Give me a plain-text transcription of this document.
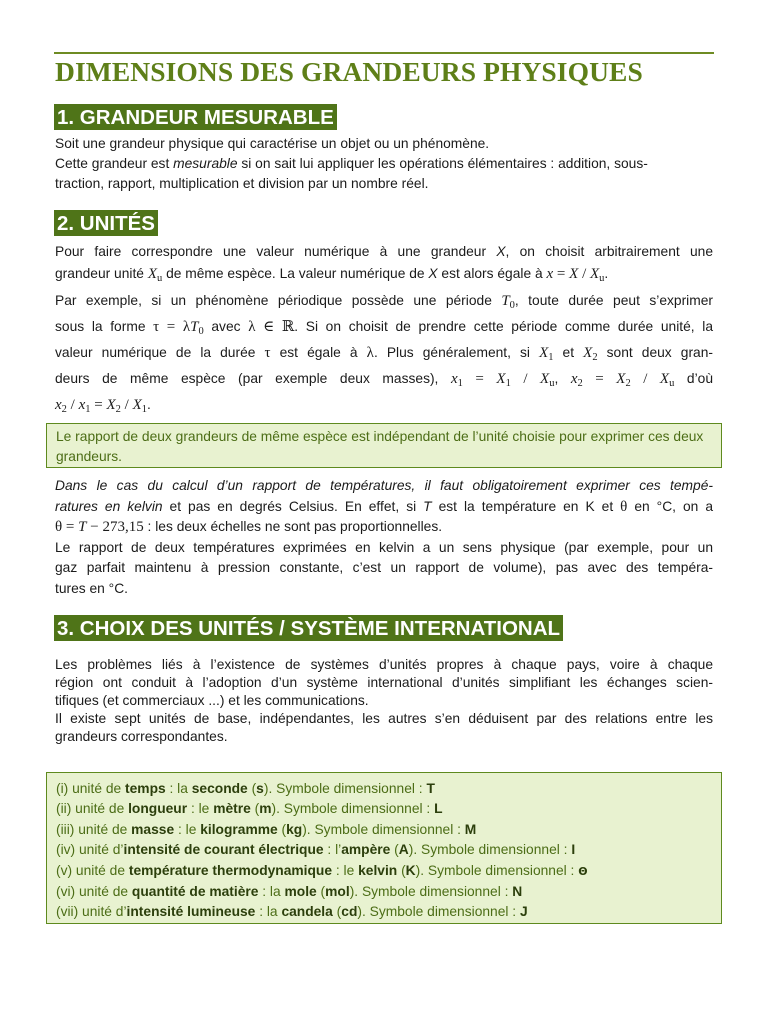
DIMENSIONS DES GRANDEURS PHYSIQUES
1. GRANDEUR MESURABLE
Soit une grandeur physique qui caractérise un objet ou un phénomène.
Cette grandeur est mesurable si on sait lui appliquer les opérations élémentaires : addition, sous-
traction, rapport, multiplication et division par un nombre réel.
2. UNITÉS
Pour faire correspondre une valeur numérique à une grandeur X, on choisit arbitrairement une
grandeur unité $X_u$ de même espèce. La valeur numérique de X est alors égale à $x = X / X_u$.
Par exemple, si un phénomène périodique possède une période $T_0$, toute durée peut s’exprimer
sous la forme $\tau = \lambda T_0$ avec λ ∈ ℝ. Si on choisit de prendre cette période comme durée unité, la
valeur numérique de la durée τ est égale à λ. Plus généralement, si $X_1$ et $X_2$ sont deux gran-
deurs de même espèce (par exemple deux masses), $x_1 = X_1 / X_u$, $x_2 = X_2 / X_u$ d’où
$x_2 / x_1 = X_2 / X_1$.
Le rapport de deux grandeurs de même espèce est indépendant de l’unité choisie pour exprimer ces deux grandeurs.
Dans le cas du calcul d’un rapport de températures, il faut obligatoirement exprimer ces tempé-
ratures en kelvin et pas en degrés Celsius. En effet, si T est la température en K et θ en °C, on a
θ = T − 273,15 : les deux échelles ne sont pas proportionnelles.
Le rapport de deux températures exprimées en kelvin a un sens physique (par exemple, pour un
gaz parfait maintenu à pression constante, c’est un rapport de volume), pas avec des tempéra-
tures en °C.
3. CHOIX DES UNITÉS / SYSTÈME INTERNATIONAL
Les problèmes liés à l’existence de systèmes d’unités propres à chaque pays, voire à chaque
région ont conduit à l’adoption d’un système international d’unités simplifiant les échanges scien-
tifiques (et commerciaux ...) et les communications.
Il existe sept unités de base, indépendantes, les autres s’en déduisent par des relations entre les
grandeurs correspondantes.
(i) unité de temps : la seconde (s). Symbole dimensionnel : T
(ii) unité de longueur : le mètre (m). Symbole dimensionnel : L
(iii) unité de masse : le kilogramme (kg). Symbole dimensionnel : M
(iv) unité d’intensité de courant électrique : l’ampère (A). Symbole dimensionnel : I
(v) unité de température thermodynamique : le kelvin (K). Symbole dimensionnel : Θ
(vi) unité de quantité de matière : la mole (mol). Symbole dimensionnel : N
(vii) unité d’intensité lumineuse : la candela (cd). Symbole dimensionnel : J
